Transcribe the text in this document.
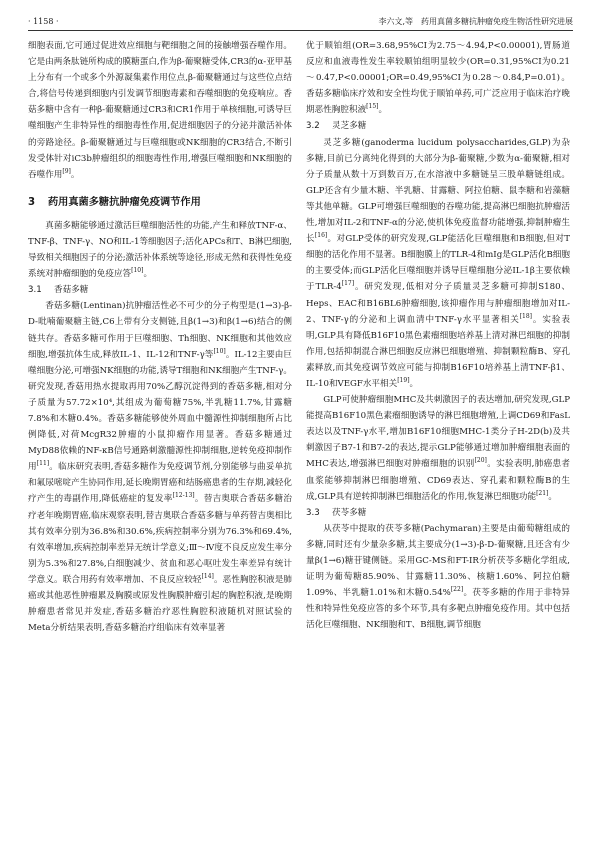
· 1158 ·	李六文,等　药用真菌多糖抗肿瘤免疫生物活性研究进展

细胞表面,它可通过促进效应细胞与靶细胞之间的接触增强吞噬作用。它是由两条肽链所构成的膜糖蛋白,作为β-葡聚糖受体,CR3的α-亚甲基上分布有一个或多个外源凝集素作用位点,β-葡聚糖通过与这些位点结合,将信号传递到细胞内引发调节细胞毒素和吞噬细胞的免疫响应。香菇多糖中含有一种β-葡聚糖通过CR3和CR1作用于单核细胞,可诱导巨噬细胞产生非特异性的细胞毒性作用,促进细胞因子的分泌并激活补体的旁路途径。β-葡聚糖通过与巨噬细胞或NK细胞的CR3结合,不断引发受体针对iC3b肿瘤组织的细胞毒性作用,增强巨噬细胞和NK细胞的吞噬作用[9]。

3 药用真菌多糖抗肿瘤免疫调节作用

真菌多糖能够通过激活巨噬细胞活性的功能,产生和释放TNF-α、TNF-β、TNF-γ、NO和IL-1等细胞因子;活化APCs和T、B淋巴细胞,导致相关细胞因子的分泌;激活补体系统等途径,形成无然和获得性免疫系统对肿瘤细胞的免疫应答[10]。

3.1 香菇多糖

香菇多糖(Lentinan)抗肿瘤活性必不可少的分子构型是(1→3)-β-D-吡喃葡聚糖主链,C6上带有分支侧链,且β(1→3)和β(1→6)结合的侧链共存。香菇多糖可作用于巨噬细胞、Th细胞、NK细胞和其他效应细胞,增强抗体生成,释放IL-1、IL-12和TNF-γ等[10]。IL-12主要由巨噬细胞分泌,可增强NK细胞的功能,诱导T细胞和NK细胞产生TNF-γ。研究发现,香菇用热水提取再用70%乙醇沉淀得到的香菇多糖,相对分子质量为57.72×10⁴,其组成为葡萄糖75%,半乳糖11.7%,甘露糖7.8%和木糖0.4%。香菇多糖能够使外周血中髓源性抑制细胞所占比例降低,对荷McgR32肿瘤的小鼠抑瘤作用显著。香菇多糖通过MyD88依赖的NF-κB信号通路刺激髓源性抑制细胞,逆转免疫抑制作用[11]。临床研究表明,香菇多糖作为免疫调节剂,分别能够与曲妥单抗和氟尿嘧啶产生协同作用,延长晚期胃癌和结肠癌患者的生存期,减轻化疗产生的毒副作用,降低癌症的复发率[12-13]。替吉奥联合香菇多糖治疗老年晚期胃癌,临床观察表明,替吉奥联合香菇多糖与单药替吉奥相比其有效率分别为36.8%和30.6%,疾病控制率分别为76.3%和69.4%,有效率增加,疾病控制率差异无统计学意义;Ⅲ～Ⅳ度不良反应发生率分别为5.3%和27.8%,白细胞减少、贫血和恶心呕吐发生率差异有统计学意义。联合用药有效率增加、不良反应较轻[14]。恶性胸腔积液是肺癌或其他恶性肿瘤累及胸膜或原发性胸膜肿瘤引起的胸腔积液,是晚期肿瘤患者常见并发症,香菇多糖治疗恶性胸腔积液随机对照试验的Meta分析结果表明,香菇多糖治疗组临床有效率显著

优于顺铂组(OR=3.68,95%CI为2.75～4.94,P<0.00001),胃肠道反应和血液毒性发生率较顺铂组明显较少(OR=0.31,95%CI为0.21～0.47,P<0.00001;OR=0.49,95%CI为0.28～0.84,P=0.01)。香菇多糖临床疗效和安全性均优于顺铂单药,可广泛应用于临床治疗晚期恶性胸腔积液[15]。

3.2 灵芝多糖

灵芝多糖(ganoderma lucidum polysaccharides,GLP)为杂多糖,目前已分离纯化得到的大部分为β-葡聚糖,少数为α-葡聚糖,相对分子质量从数十万到数百万,在水溶液中多糖链呈三股单糖链组成。GLP还含有少量木糖、半乳糖、甘露糖、阿拉伯糖、鼠李糖和岩藻糖等其他单糖。GLP可增强巨噬细胞的吞噬功能,提高淋巴细胞抗肿瘤活性,增加对IL-2和TNF-α的分泌,使机体免疫监督功能增强,抑制肿瘤生长[16]。对GLP受体的研究发现,GLP能活化巨噬细胞和B细胞,但对T细胞的活化作用不显著。B细胞膜上的TLR-4和mIg是GLP活化B细胞的主要受体;而GLP活化巨噬细胞并诱导巨噬细胞分泌IL-1β主要依赖于TLR-4[17]。研究发现,低相对分子质量灵芝多糖可抑制S180、Heps、EAC和B16BL6肿瘤细胞,该抑瘤作用与肿瘤细胞增加对IL-2、TNF-γ的分泌和上调血清中TNF-γ水平显著相关[18]。实验表明,GLP具有降低B16F10黑色素瘤细胞培养基上清对淋巴细胞的抑制作用,包括抑制混合淋巴细胞反应淋巴细胞增殖、抑制颗粒酶B、穿孔素释放,而其免疫调节效应可能与抑制B16F10培养基上清TNF-β1、IL-10和VEGF水平相关[19]。

GLP可使肿瘤细胞MHC及共刺激因子的表达增加,研究发现,GLP能提高B16F10黑色素瘤细胞诱导的淋巴细胞增殖,上调CD69和FasL表达以及TNF-γ水平,增加B16F10细胞MHC-1类分子H-2D(b)及共刺激因子B7-1和B7-2的表达,提示GLP能够通过增加肿瘤细胞表面的MHC表达,增强淋巴细胞对肿瘤细胞的识别[20]。实验表明,肺癌患者血浆能够抑制淋巴细胞增殖、CD69表达、穿孔素和颗粒酶B的生成,GLP具有逆转抑制淋巴细胞活化的作用,恢复淋巴细胞功能[21]。

3.3 茯苓多糖

从茯苓中提取的茯苓多糖(Pachymaran)主要是由葡萄糖组成的多糖,同时还有少量杂多糖,其主要成分(1→3)-β-D-葡聚糖,且还含有少量β(1→6)糖苷键侧链。采用GC-MS和FT-IR分析茯苓多糖化学组成,证明为葡萄糖85.90%、甘露糖11.30%、核糖1.60%、阿拉伯糖1.09%、半乳糖1.01%和木糖0.54%[22]。茯苓多糖的作用于非特异性和特异性免疫应答的多个环节,具有多靶点肿瘤免疫作用。其中包括活化巨噬细胞、NK细胞和T、B细胞,调节细胞
